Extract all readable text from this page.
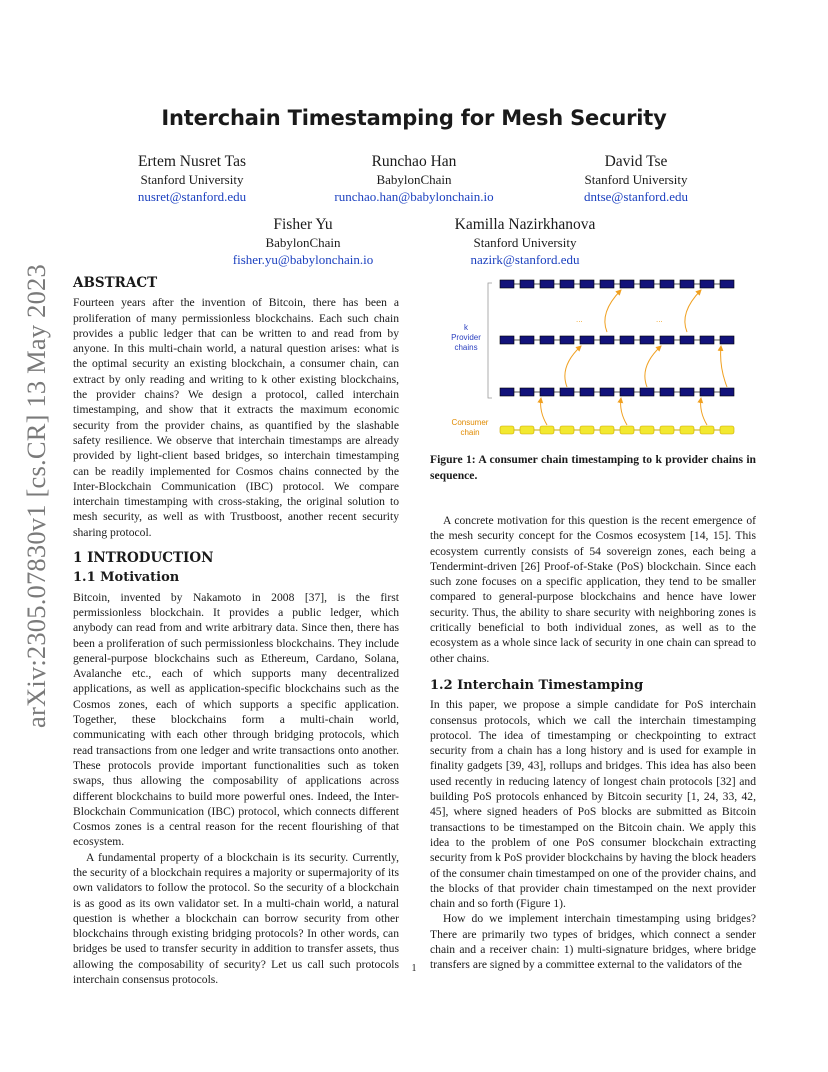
Interchain Timestamping for Mesh Security
Ertem Nusret Tas
Stanford University
nusret@stanford.edu
Runchao Han
BabylonChain
runchao.han@babylonchain.io
David Tse
Stanford University
dntse@stanford.edu
Fisher Yu
BabylonChain
fisher.yu@babylonchain.io
Kamilla Nazirkhanova
Stanford University
nazirk@stanford.edu
arXiv:2305.07830v1 [cs.CR] 13 May 2023 ABSTRACT

Fourteen years after the invention of Bitcoin, there has been a proliferation of many permissionless blockchains. Each such chain provides a public ledger that can be written to and read from by anyone. In this multi-chain world, a natural question arises: what is the optimal security an existing blockchain, a consumer chain, can extract by only reading and writing to k other existing blockchains, the provider chains? We design a protocol, called interchain timestamping, and show that it extracts the maximum economic security from the provider chains, as quantified by the slashable safety resilience. We observe that interchain timestamps are already provided by light-client based bridges, so interchain timestamping can be readily implemented for Cosmos chains connected by the Inter-Blockchain Communication (IBC) protocol. We compare interchain timestamping with cross-staking, the original solution to mesh security, as well as with Trustboost, another recent security sharing protocol.

1 INTRODUCTION
1.1 Motivation

Bitcoin, invented by Nakamoto in 2008 [37], is the first permissionless blockchain. It provides a public ledger, which anybody can read from and write arbitrary data. Since then, there has been a proliferation of such permissionless blockchains. They include general-purpose blockchains such as Ethereum, Cardano, Solana, Avalanche etc., each of which supports many decentralized applications, as well as application-specific blockchains such as the Cosmos zones, each of which supports a specific application. Together, these blockchains form a multi-chain world, communicating with each other through bridging protocols, which read transactions from one ledger and write transactions onto another. These protocols provide important functionalities such as token swaps, thus allowing the composability of applications across different blockchains to build more powerful ones. Indeed, the Inter-Blockchain Communication (IBC) protocol, which connects different Cosmos zones is a central reason for the recent flourishing of that ecosystem.

A fundamental property of a blockchain is its security. Currently, the security of a blockchain requires a majority or supermajority of its own validators to follow the protocol. So the security of a blockchain is as good as its own validator set. In a multi-chain world, a natural question is whether a blockchain can borrow security from other blockchains through existing bridging protocols? In other words, can bridges be used to transfer security in addition to transfer assets, thus allowing the composability of security? Let us call such protocols interchain consensus protocols.

k
Provider
chains
Consumer
chain
...	...
Figure 1: A consumer chain timestamping to k provider chains in sequence.

A concrete motivation for this question is the recent emergence of the mesh security concept for the Cosmos ecosystem [14, 15]. This ecosystem currently consists of 54 sovereign zones, each being a Tendermint-driven [26] Proof-of-Stake (PoS) blockchain. Since each such zone focuses on a specific application, they tend to be smaller compared to general-purpose blockchains and hence have lower security. Thus, the ability to share security with neighboring zones is critically beneficial to both individual zones, as well as to the ecosystem as a whole since lack of security in one chain can spread to other chains.

1.2 Interchain Timestamping

In this paper, we propose a simple candidate for PoS interchain consensus protocols, which we call the interchain timestamping protocol. The idea of timestamping or checkpointing to extract security from a chain has a long history and is used for example in finality gadgets [39, 43], rollups and bridges. This idea has also been used recently in reducing latency of longest chain protocols [32] and building PoS protocols enhanced by Bitcoin security [1, 24, 33, 42, 45], where signed headers of PoS blocks are submitted as Bitcoin transactions to be timestamped on the Bitcoin chain. We apply this idea to the problem of one PoS consumer blockchain extracting security from k PoS provider blockchains by having the block headers of the consumer chain timestamped on one of the provider chains, and the blocks of that provider chain timestamped on the next provider chain and so forth (Figure 1).

How do we implement interchain timestamping using bridges? There are primarily two types of bridges, which connect a sender chain and a receiver chain: 1) multi-signature bridges, where bridge transfers are signed by a committee external to the validators of the

1
